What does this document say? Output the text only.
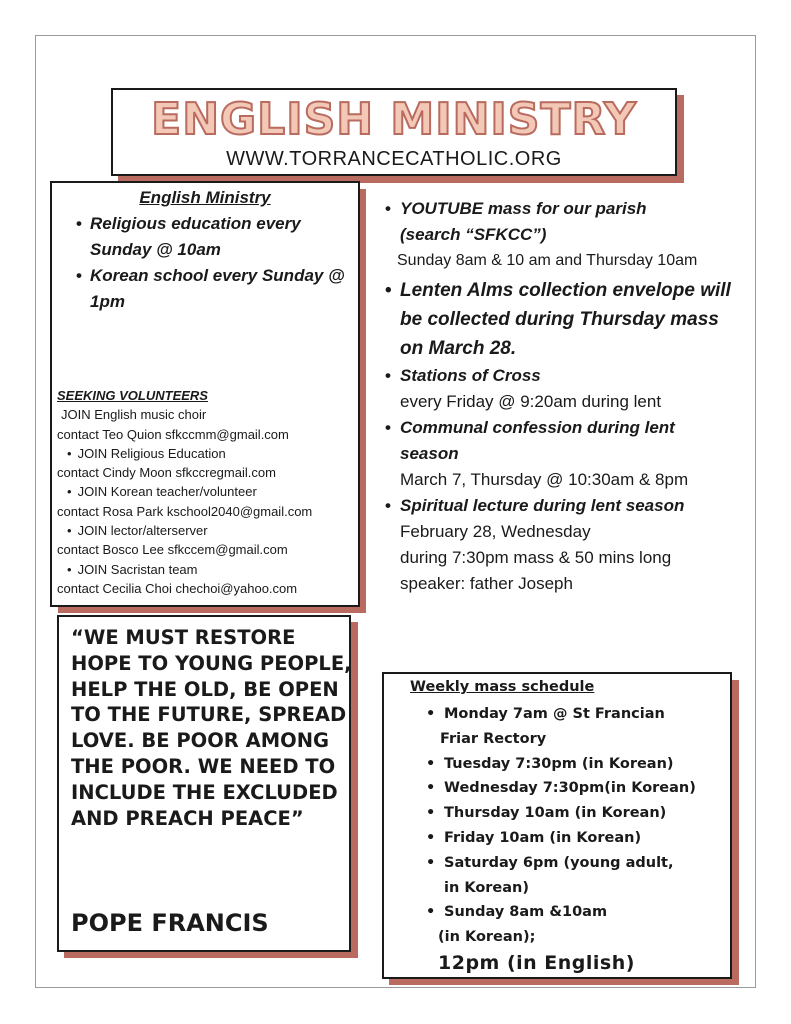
ENGLISH MINISTRY
WWW.TORRANCECATHOLIC.ORG
English Ministry
• Religious education every Sunday @ 10am
• Korean school every Sunday @ 1pm
SEEKING VOLUNTEERS
JOIN English music choir
contact Teo Quion sfkccmm@gmail.com
• JOIN Religious Education
contact Cindy Moon sfkccregmail.com
• JOIN Korean teacher/volunteer
contact Rosa Park kschool2040@gmail.com
• JOIN lector/alterserver
contact Bosco Lee sfkccem@gmail.com
• JOIN Sacristan team
contact Cecilia Choi chechoi@yahoo.com
• YOUTUBE mass for our parish (search “SFKCC”)
Sunday 8am & 10 am and Thursday 10am
• Lenten Alms collection envelope will be collected during Thursday mass on March 28.
• Stations of Cross
every Friday @ 9:20am during lent
• Communal confession during lent season
March 7, Thursday @ 10:30am & 8pm
• Spiritual lecture during lent season
February 28, Wednesday
during 7:30pm mass & 50 mins long
speaker: father Joseph
“WE MUST RESTORE HOPE TO YOUNG PEOPLE, HELP THE OLD, BE OPEN TO THE FUTURE, SPREAD LOVE. BE POOR AMONG THE POOR. WE NEED TO INCLUDE THE EXCLUDED AND PREACH PEACE”
POPE FRANCIS
Weekly mass schedule
• Monday 7am @ St Francian
Friar Rectory
• Tuesday 7:30pm (in Korean)
• Wednesday 7:30pm(in Korean)
• Thursday 10am (in Korean)
• Friday 10am (in Korean)
• Saturday 6pm (young adult,
in Korean)
• Sunday 8am &10am
(in Korean);
12pm (in English)
